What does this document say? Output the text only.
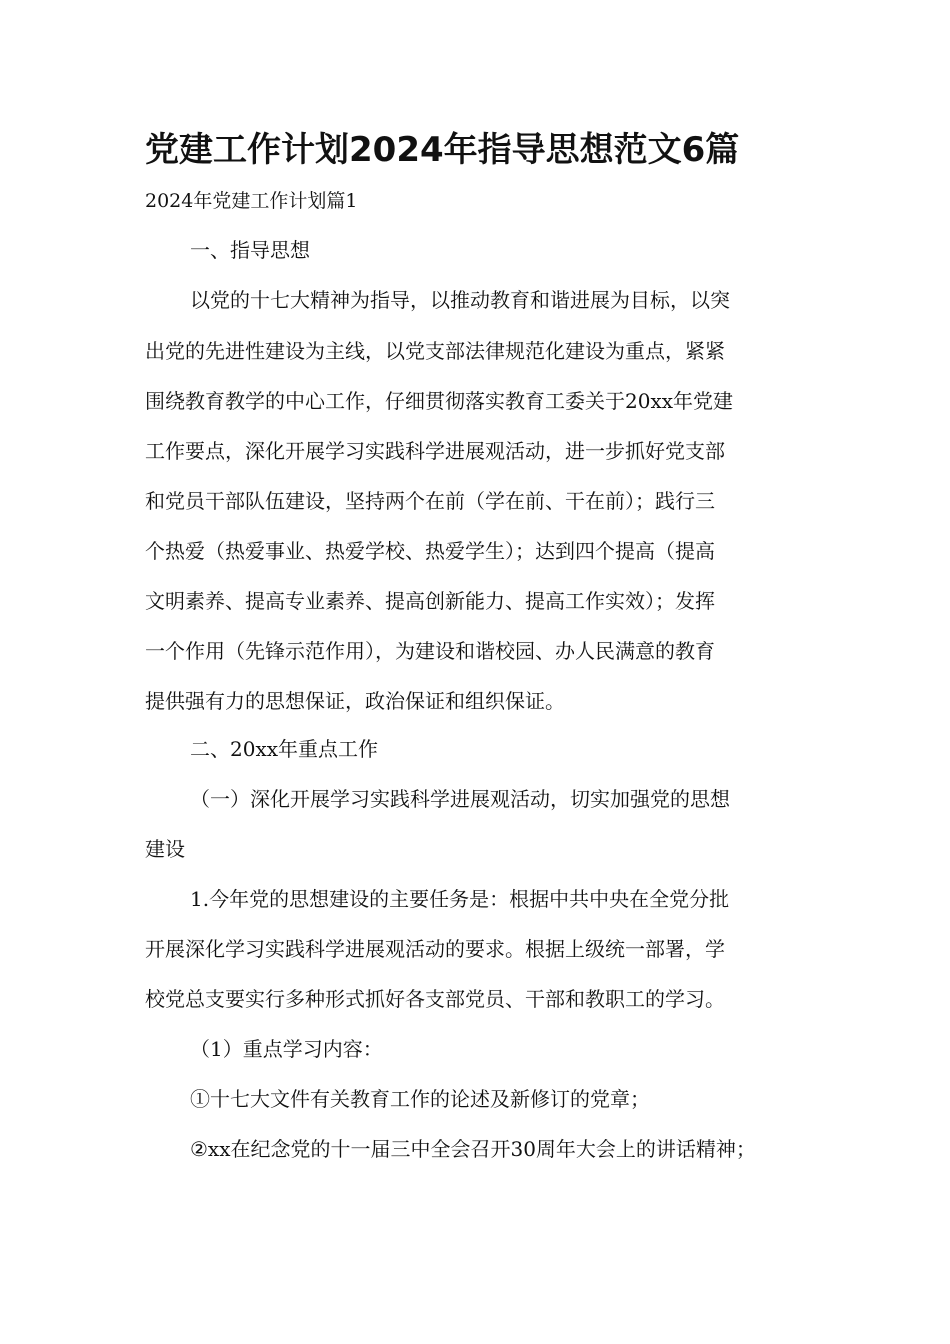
党建工作计划2024年指导思想范文6篇
2024年党建工作计划篇1
一、指导思想
以党的十七大精神为指导，以推动教育和谐进展为目标，以突
出党的先进性建设为主线，以党支部法律规范化建设为重点，紧紧
围绕教育教学的中心工作，仔细贯彻落实教育工委关于20xx年党建
工作要点，深化开展学习实践科学进展观活动，进一步抓好党支部
和党员干部队伍建设，坚持两个在前（学在前、干在前）；践行三
个热爱（热爱事业、热爱学校、热爱学生）；达到四个提高（提高
文明素养、提高专业素养、提高创新能力、提高工作实效）；发挥
一个作用（先锋示范作用），为建设和谐校园、办人民满意的教育
提供强有力的思想保证，政治保证和组织保证。
二、20xx年重点工作
（一）深化开展学习实践科学进展观活动，切实加强党的思想
建设
1.今年党的思想建设的主要任务是：根据中共中央在全党分批
开展深化学习实践科学进展观活动的要求。根据上级统一部署，学
校党总支要实行多种形式抓好各支部党员、干部和教职工的学习。
（1）重点学习内容：
①十七大文件有关教育工作的论述及新修订的党章；
②xx在纪念党的十一届三中全会召开30周年大会上的讲话精神；
